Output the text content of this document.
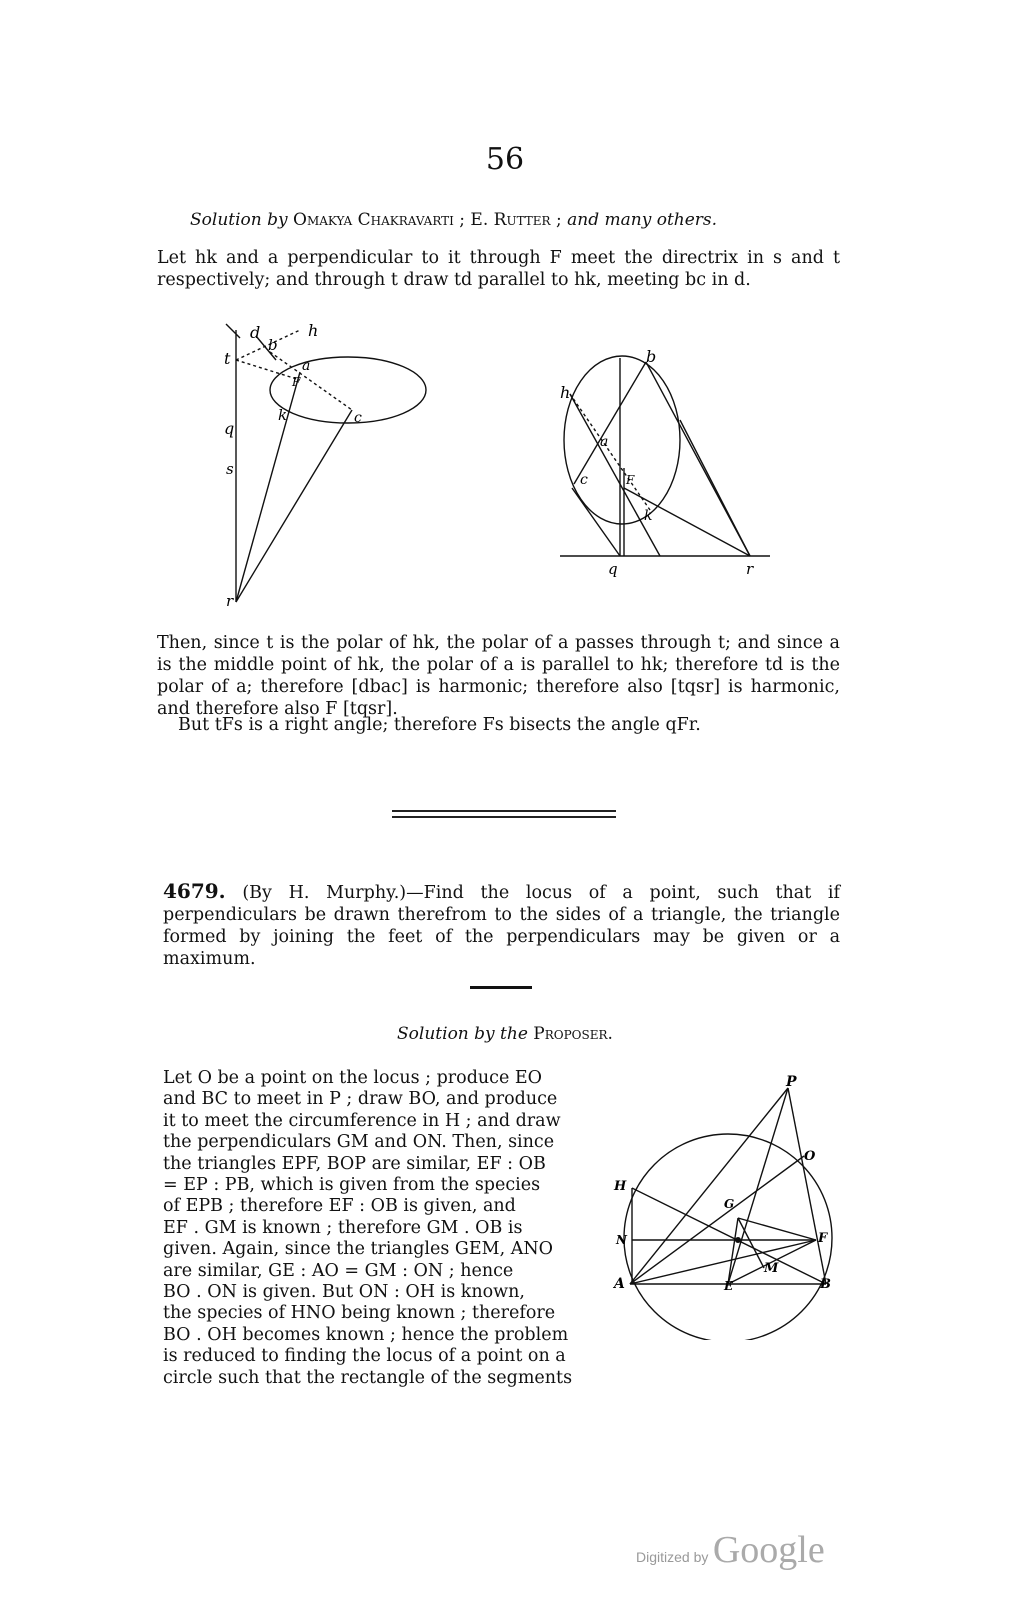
56
Solution by Omakya Chakravarti ; E. Rutter ; and many others.
Let hk and a perpendicular to it through F meet the directrix in s and t respectively; and through t draw td parallel to hk, meeting bc in d.
d	h
b
t	a
F
k	c
q
s
r
b
h
a
c	F
k
q	r
Then, since t is the polar of hk, the polar of a passes through t; and since a is the middle point of hk, the polar of a is parallel to hk; therefore td is the polar of a; therefore [dbac] is harmonic; therefore also [tqsr] is harmonic, and therefore also F [tqsr].
But tFs is a right angle; therefore Fs bisects the angle qFr.
4679. (By H. Murphy.)—Find the locus of a point, such that if perpendiculars be drawn therefrom to the sides of a triangle, the triangle formed by joining the feet of the perpendiculars may be given or a maximum.
Solution by the Proposer.
Let O be a point on the locus ; produce EO
and BC to meet in P ; draw BO, and produce
it to meet the circumference in H ; and draw
the perpendiculars GM and ON. Then, since
the triangles EPF, BOP are similar, EF : OB
= EP : PB, which is given from the species
of EPB ; therefore EF : OB is given, and
EF . GM is known ; therefore GM . OB is
given. Again, since the triangles GEM, ANO
are similar, GE : AO = GM : ON ; hence
BO . ON is given. But ON : OH is known,
the species of HNO being known ; therefore
BO . OH becomes known ; hence the problem
is reduced to finding the locus of a point on a
circle such that the rectangle of the segments
P
O
H
G
N	F
A	E
M
B
Digitized by Google
